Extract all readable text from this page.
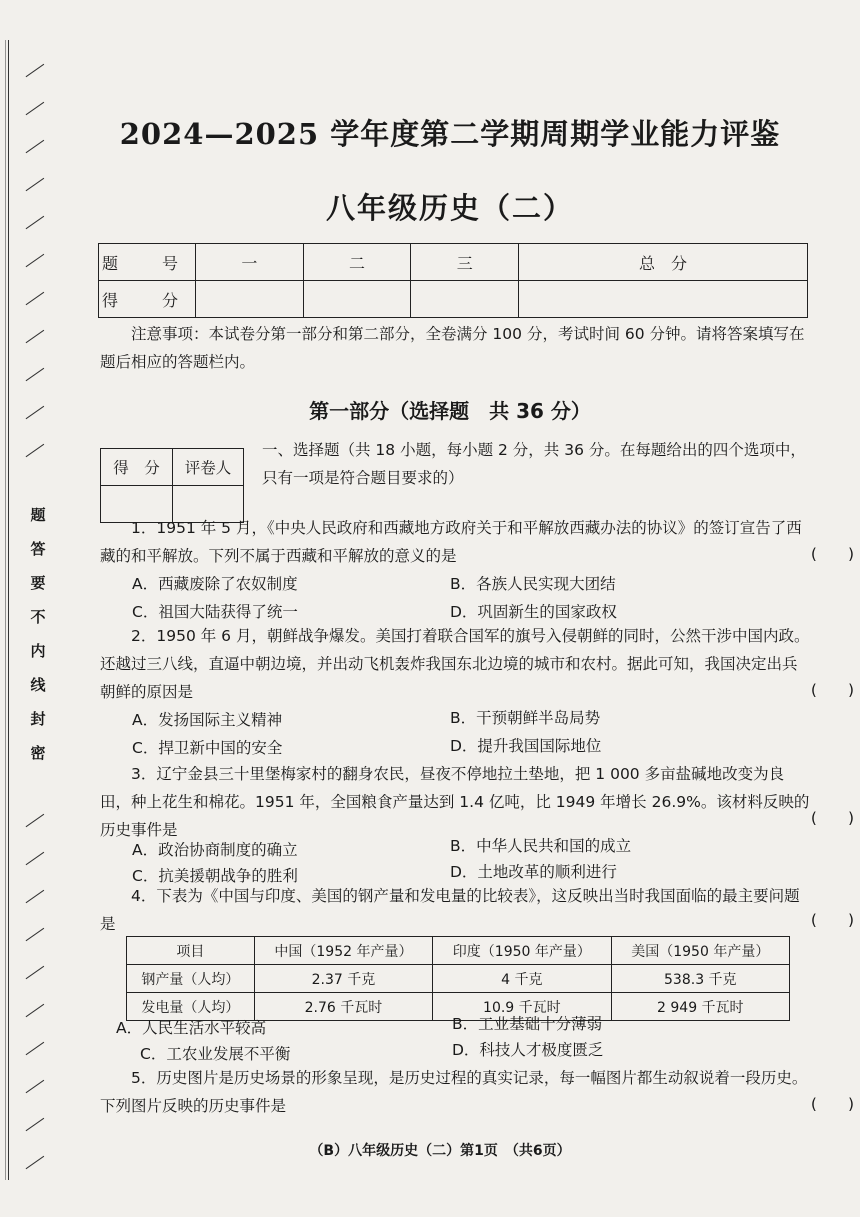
题
答
要
不
内
线
封
密
2024—2025 学年度第二学期周期学业能力评鉴
八年级历史（二）
题　号	一	二	三	总　分
得　分				
注意事项：本试卷分第一部分和第二部分，全卷满分 100 分，考试时间 60 分钟。请将答案填写在题后相应的答题栏内。
第一部分（选择题　共 36 分）
得　分	评卷人

一、选择题（共 18 小题，每小题 2 分，共 36 分。在每题给出的四个选项中，只有一项是符合题目要求的）
1．1951 年 5 月，《中央人民政府和西藏地方政府关于和平解放西藏办法的协议》的签订宣告了西藏的和平解放。下列不属于西藏和平解放的意义的是	(　　)
A．西藏废除了农奴制度	B．各族人民实现大团结
C．祖国大陆获得了统一	D．巩固新生的国家政权
2．1950 年 6 月，朝鲜战争爆发。美国打着联合国军的旗号入侵朝鲜的同时，公然干涉中国内政。还越过三八线，直逼中朝边境，并出动飞机轰炸我国东北边境的城市和农村。据此可知，我国决定出兵朝鲜的原因是	(　　)
A．发扬国际主义精神	B．干预朝鲜半岛局势
C．捍卫新中国的安全	D．提升我国国际地位
3．辽宁金县三十里堡梅家村的翻身农民，昼夜不停地拉土垫地，把 1 000 多亩盐碱地改变为良田，种上花生和棉花。1951 年，全国粮食产量达到 1.4 亿吨，比 1949 年增长 26.9%。该材料反映的历史事件是
(　　)
A．政治协商制度的确立	B．中华人民共和国的成立
C．抗美援朝战争的胜利	D．土地改革的顺利进行
4．下表为《中国与印度、美国的钢产量和发电量的比较表》，这反映出当时我国面临的最主要问题是	(　　)
项目	中国（1952 年产量）	印度（1950 年产量）	美国（1950 年产量）
钢产量（人均）	2.37 千克	4 千克	538.3 千克
发电量（人均）	2.76 千瓦时	10.9 千瓦时	2 949 千瓦时
A．人民生活水平较高	B．工业基础十分薄弱
C．工农业发展不平衡	D．科技人才极度匮乏
5．历史图片是历史场景的形象呈现，是历史过程的真实记录，每一幅图片都生动叙说着一段历史。下列图片反映的历史事件是	(　　)
（B）八年级历史（二）第1页　（共6页）
